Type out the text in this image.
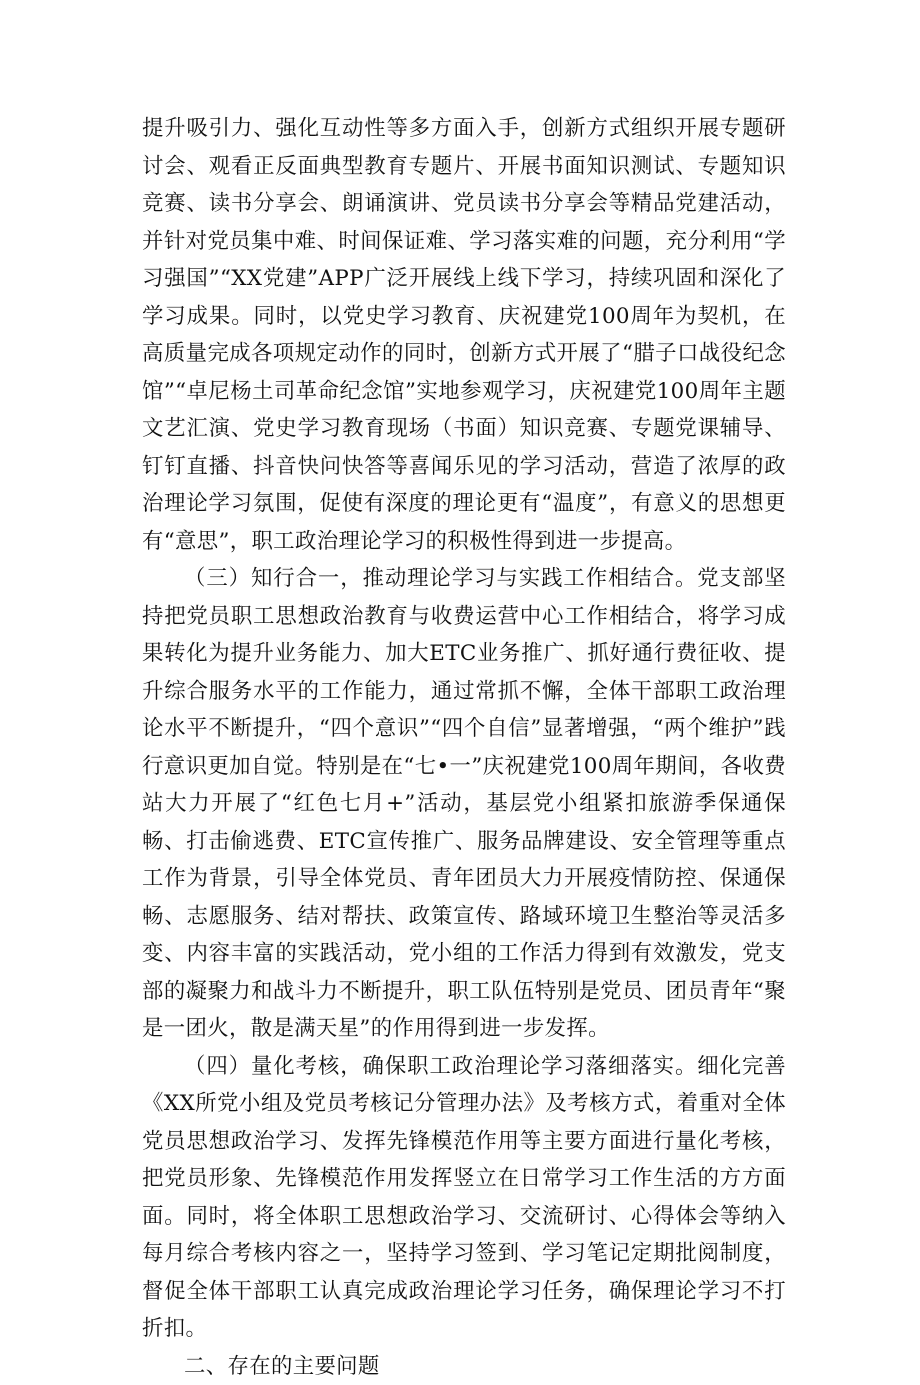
提升吸引力、强化互动性等多方面入手，创新方式组织开展专题研讨会、观看正反面典型教育专题片、开展书面知识测试、专题知识竞赛、读书分享会、朗诵演讲、党员读书分享会等精品党建活动，并针对党员集中难、时间保证难、学习落实难的问题，充分利用“学习强国”“XX党建”APP广泛开展线上线下学习，持续巩固和深化了学习成果。同时，以党史学习教育、庆祝建党100周年为契机，在高质量完成各项规定动作的同时，创新方式开展了“腊子口战役纪念馆”“卓尼杨土司革命纪念馆”实地参观学习，庆祝建党100周年主题文艺汇演、党史学习教育现场（书面）知识竞赛、专题党课辅导、钉钉直播、抖音快问快答等喜闻乐见的学习活动，营造了浓厚的政治理论学习氛围，促使有深度的理论更有“温度”，有意义的思想更有“意思”，职工政治理论学习的积极性得到进一步提高。

（三）知行合一，推动理论学习与实践工作相结合。党支部坚持把党员职工思想政治教育与收费运营中心工作相结合，将学习成果转化为提升业务能力、加大ETC业务推广、抓好通行费征收、提升综合服务水平的工作能力，通过常抓不懈，全体干部职工政治理论水平不断提升，“四个意识”“四个自信”显著增强，“两个维护”践行意识更加自觉。特别是在“七•一”庆祝建党100周年期间，各收费站大力开展了“红色七月+”活动，基层党小组紧扣旅游季保通保畅、打击偷逃费、ETC宣传推广、服务品牌建设、安全管理等重点工作为背景，引导全体党员、青年团员大力开展疫情防控、保通保畅、志愿服务、结对帮扶、政策宣传、路域环境卫生整治等灵活多变、内容丰富的实践活动，党小组的工作活力得到有效激发，党支部的凝聚力和战斗力不断提升，职工队伍特别是党员、团员青年“聚是一团火，散是满天星”的作用得到进一步发挥。

（四）量化考核，确保职工政治理论学习落细落实。细化完善《XX所党小组及党员考核记分管理办法》及考核方式，着重对全体党员思想政治学习、发挥先锋模范作用等主要方面进行量化考核，把党员形象、先锋模范作用发挥竖立在日常学习工作生活的方方面面。同时，将全体职工思想政治学习、交流研讨、心得体会等纳入每月综合考核内容之一，坚持学习签到、学习笔记定期批阅制度，督促全体干部职工认真完成政治理论学习任务，确保理论学习不打折扣。

二、存在的主要问题
